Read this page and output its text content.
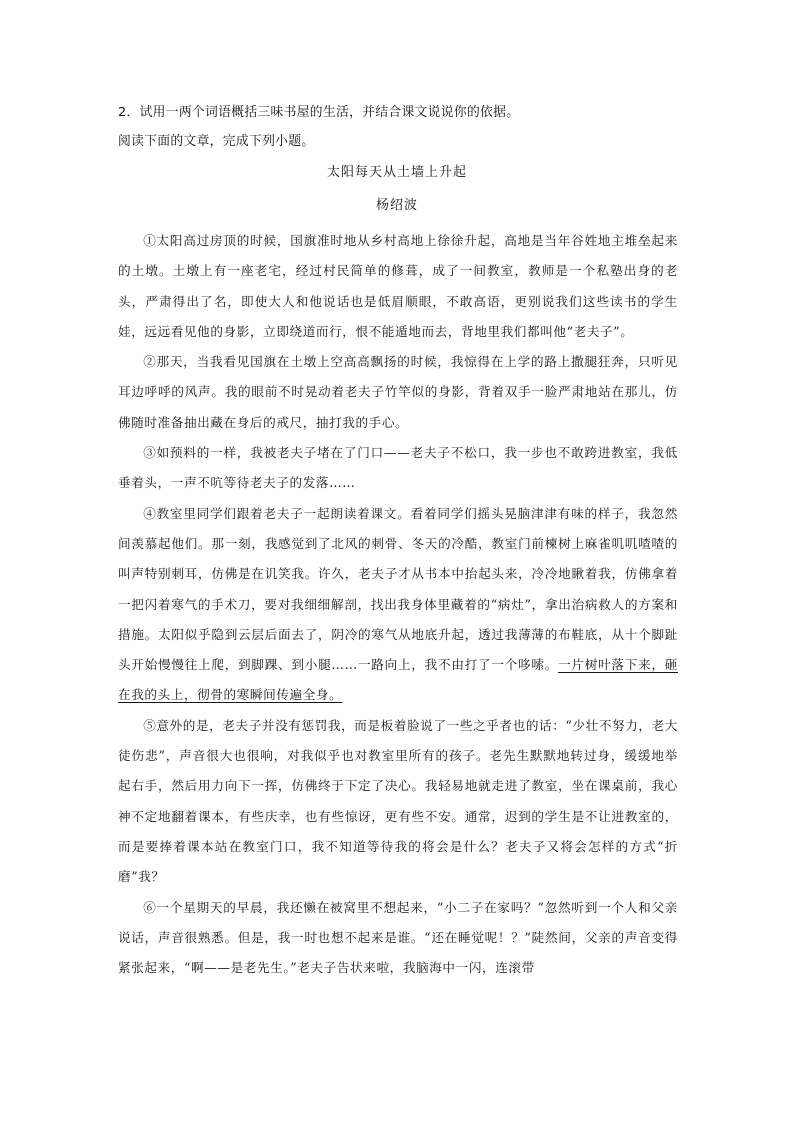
2．试用一两个词语概括三味书屋的生活，并结合课文说说你的依据。
阅读下面的文章，完成下列小题。
太阳每天从土墙上升起
杨绍波

①太阳高过房顶的时候，国旗准时地从乡村高地上徐徐升起，高地是当年谷姓地主堆垒起来的土墩。土墩上有一座老宅，经过村民简单的修葺，成了一间教室，教师是一个私塾出身的老头，严肃得出了名，即使大人和他说话也是低眉顺眼，不敢高语，更别说我们这些读书的学生娃，远远看见他的身影，立即绕道而行，恨不能遁地而去，背地里我们都叫他“老夫子”。

②那天，当我看见国旗在土墩上空高高飘扬的时候，我惊得在上学的路上撒腿狂奔，只听见耳边呼呼的风声。我的眼前不时晃动着老夫子竹竿似的身影，背着双手一脸严肃地站在那儿，仿佛随时准备抽出藏在身后的戒尺，抽打我的手心。

③如预料的一样，我被老夫子堵在了门口——老夫子不松口，我一步也不敢跨进教室，我低垂着头，一声不吭等待老夫子的发落……

④教室里同学们跟着老夫子一起朗读着课文。看着同学们摇头晃脑津津有味的样子，我忽然间羡慕起他们。那一刻，我感觉到了北风的刺骨、冬天的冷酷，教室门前楝树上麻雀叽叽喳喳的叫声特别刺耳，仿佛是在讥笑我。许久，老夫子才从书本中抬起头来，冷冷地瞅着我，仿佛拿着一把闪着寒气的手术刀，要对我细细解剖，找出我身体里藏着的“病灶”，拿出治病救人的方案和措施。太阳似乎隐到云层后面去了，阴冷的寒气从地底升起，透过我薄薄的布鞋底，从十个脚趾头开始慢慢往上爬，到脚踝、到小腿……一路向上，我不由打了一个哆嗦。一片树叶落下来，砸在我的头上，彻骨的寒瞬间传遍全身。

⑤意外的是，老夫子并没有惩罚我，而是板着脸说了一些之乎者也的话：“少壮不努力，老大徒伤悲”，声音很大也很响，对我似乎也对教室里所有的孩子。老先生默默地转过身，缓缓地举起右手，然后用力向下一挥，仿佛终于下定了决心。我轻易地就走进了教室，坐在课桌前，我心神不定地翻着课本，有些庆幸，也有些惊讶，更有些不安。通常，迟到的学生是不让进教室的，而是要捧着课本站在教室门口，我不知道等待我的将会是什么？老夫子又将会怎样的方式“折磨”我？

⑥一个星期天的早晨，我还懒在被窝里不想起来，“小二子在家吗？”忽然听到一个人和父亲说话，声音很熟悉。但是，我一时也想不起来是谁。“还在睡觉呢！？”陡然间，父亲的声音变得紧张起来，“啊——是老先生。”老夫子告状来啦，我脑海中一闪，连滚带
